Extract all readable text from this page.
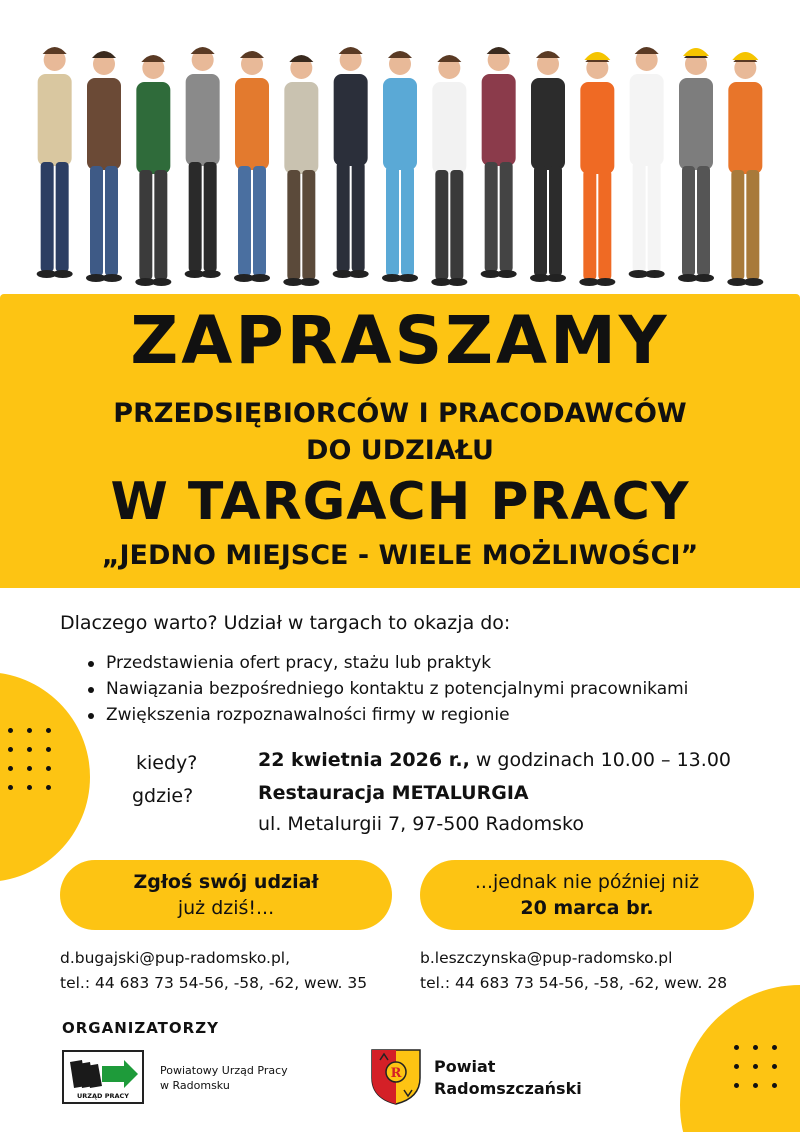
ZAPRASZAMY
PRZEDSIĘBIORCÓW I PRACODAWCÓW
DO UDZIAŁU
W TARGACH PRACY
„JEDNO MIEJSCE - WIELE MOŻLIWOŚCI”
Dlaczego warto? Udział w targach to okazja do:
Przedstawienia ofert pracy, stażu lub praktyk
Nawiązania bezpośredniego kontaktu z potencjalnymi pracownikami
Zwiększenia rozpoznawalności firmy w regionie
kiedy?	22 kwietnia 2026 r., w godzinach 10.00 – 13.00
gdzie?	Restauracja METALURGIA
ul. Metalurgii 7, 97-500 Radomsko
Zgłoś swój udział
już dziś!...
...jednak nie później niż
20 marca br.
d.bugajski@pup-radomsko.pl,
tel.: 44 683 73 54-56, -58, -62, wew. 35
b.leszczynska@pup-radomsko.pl
tel.: 44 683 73 54-56, -58, -62, wew. 28
ORGANIZATORZY
URZĄD PRACY
Powiatowy Urząd Pracy
w Radomsku
R Powiat
Radomszczański
